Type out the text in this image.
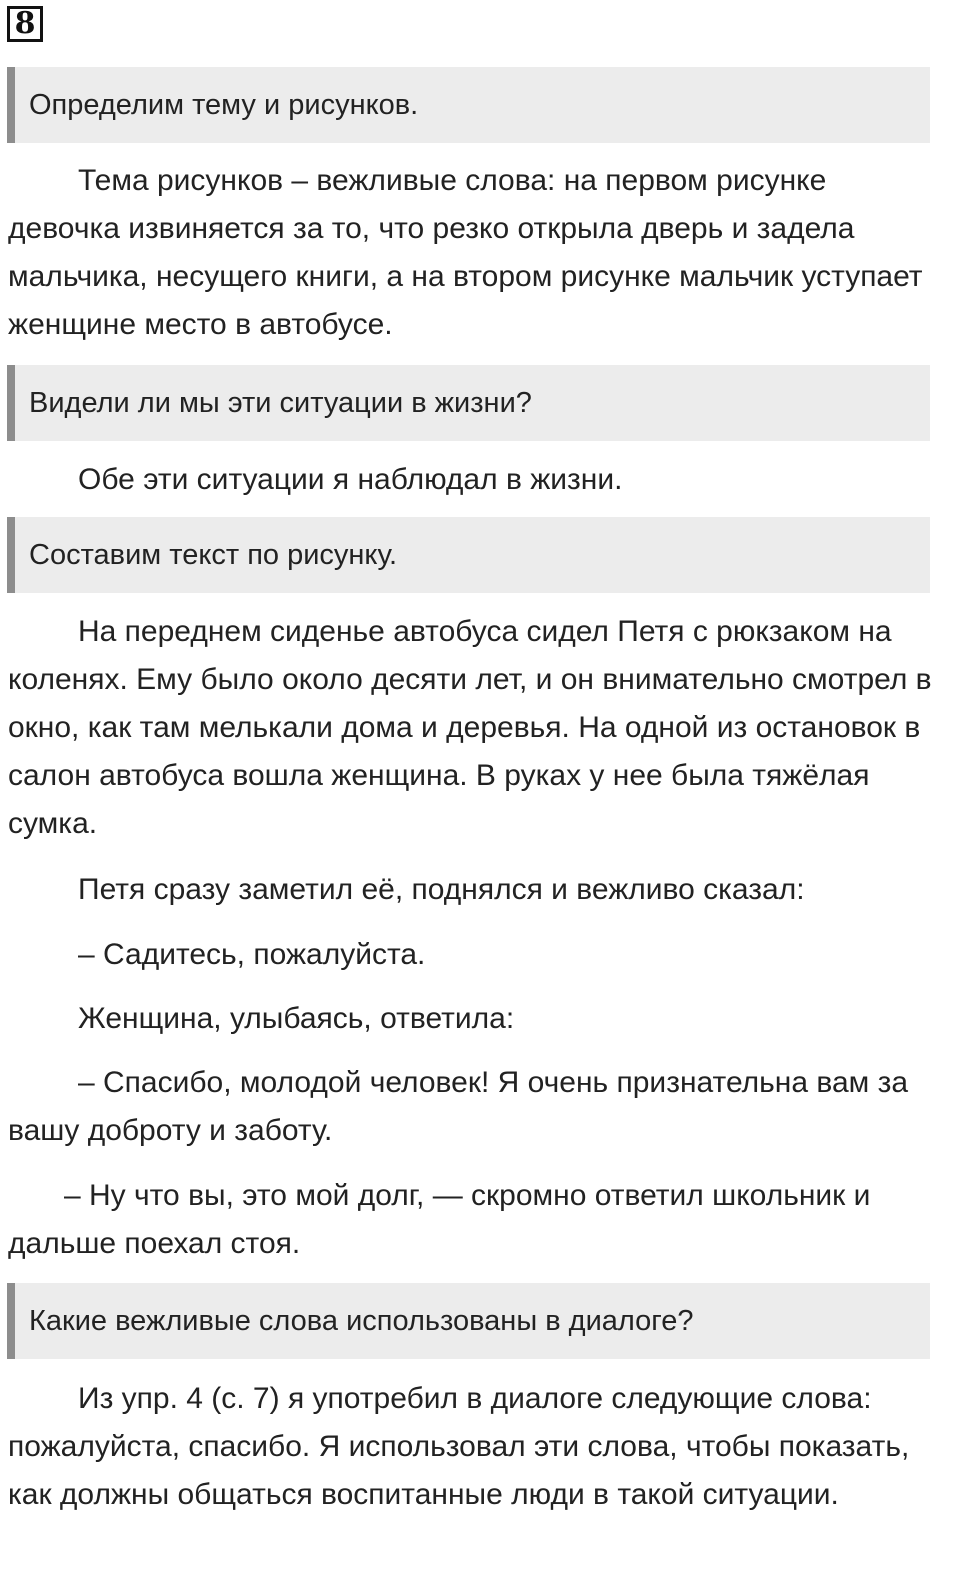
8
Определим тему и рисунков.

Тема рисунков – вежливые слова: на первом рисунке девочка извиняется за то, что резко открыла дверь и задела мальчика, несущего книги, а на втором рисунке мальчик уступает женщине место в автобусе.

Видели ли мы эти ситуации в жизни?

Обе эти ситуации я наблюдал в жизни.

Составим текст по рисунку.

На переднем сиденье автобуса сидел Петя с рюкзаком на коленях. Ему было около десяти лет, и он внимательно смотрел в окно, как там мелькали дома и деревья. На одной из остановок в салон автобуса вошла женщина. В руках у нее была тяжёлая сумка.

Петя сразу заметил её, поднялся и вежливо сказал:

– Садитесь, пожалуйста.

Женщина, улыбаясь, ответила:

– Спасибо, молодой человек! Я очень признательна вам за вашу доброту и заботу.

– Ну что вы, это мой долг, — скромно ответил школьник и дальше поехал стоя.

Какие вежливые слова использованы в диалоге?

Из упр. 4 (с. 7) я употребил в диалоге следующие слова: пожалуйста, спасибо. Я использовал эти слова, чтобы показать, как должны общаться воспитанные люди в такой ситуации.
